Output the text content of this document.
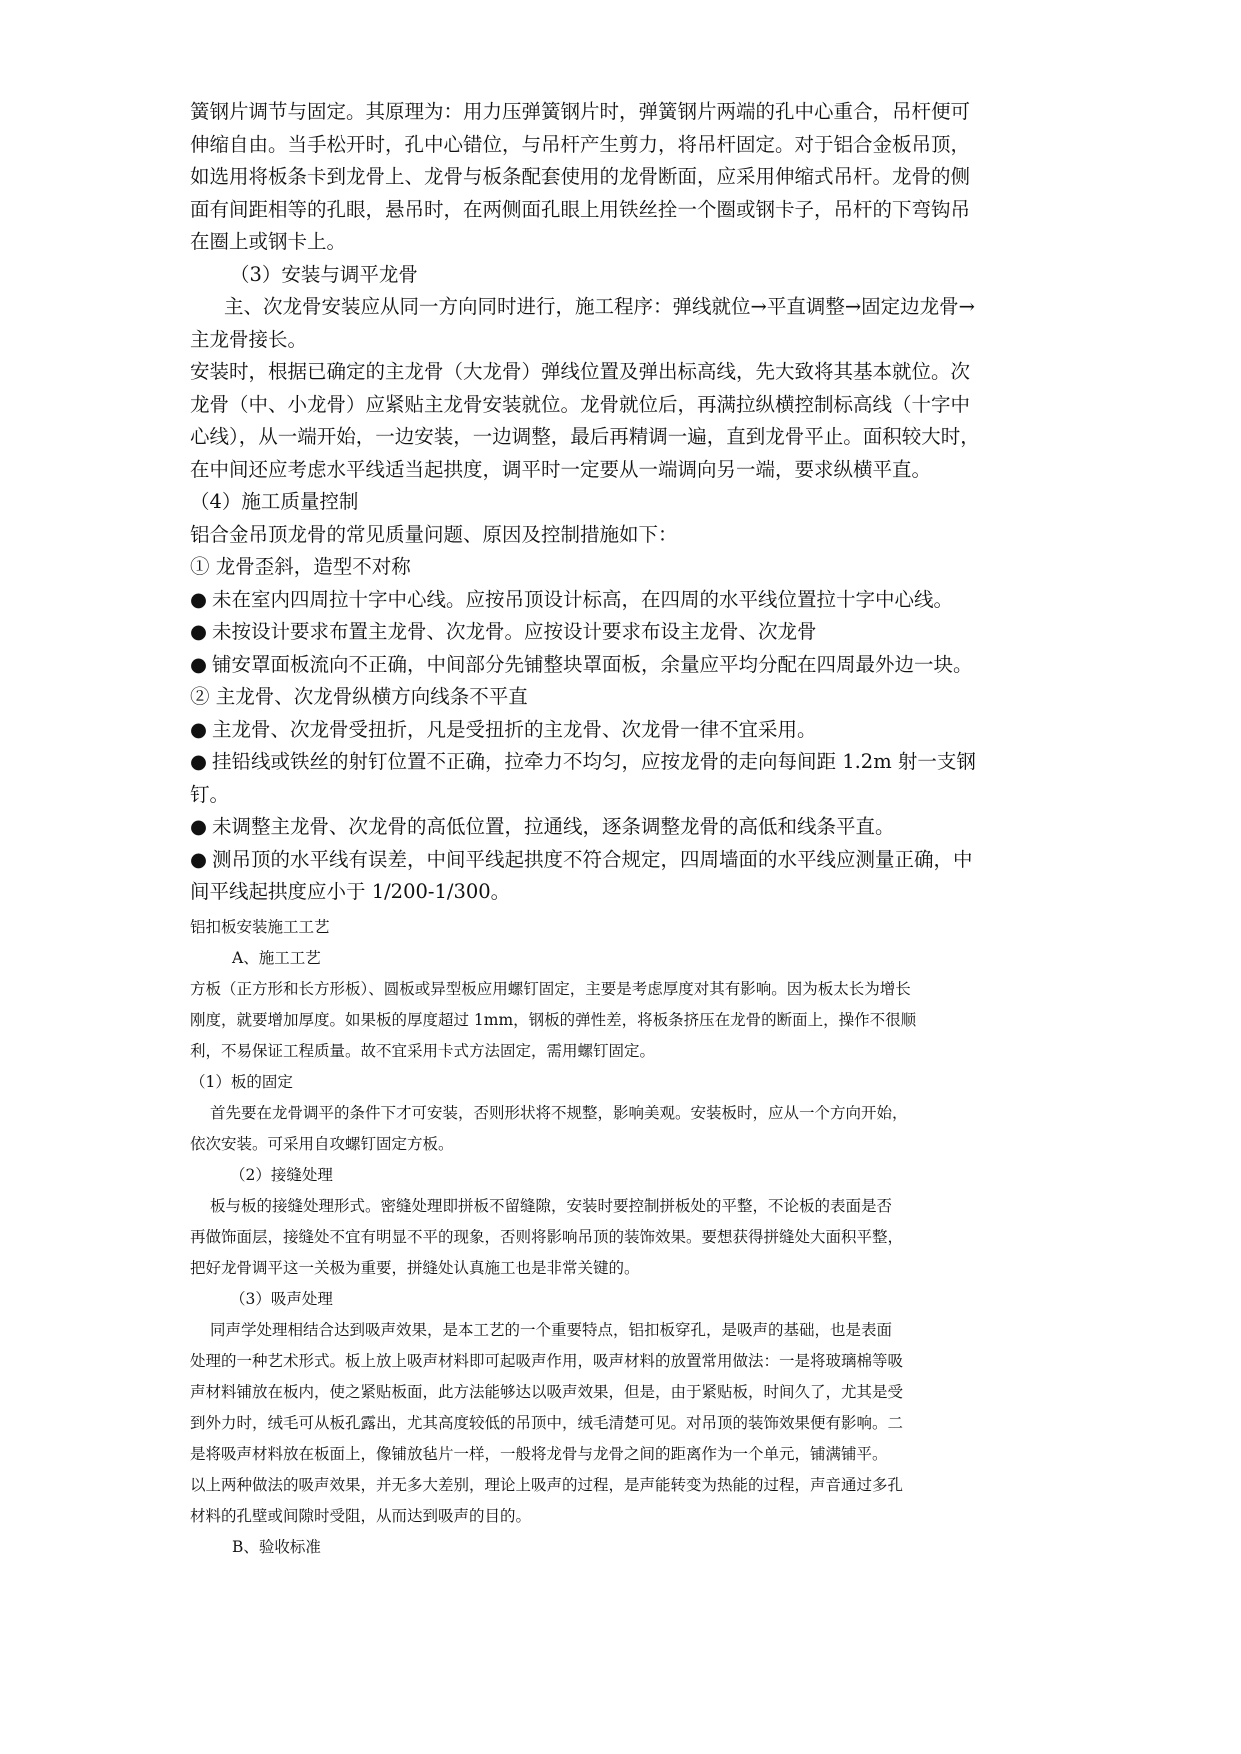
簧钢片调节与固定。其原理为：用力压弹簧钢片时，弹簧钢片两端的孔中心重合，吊杆便可
伸缩自由。当手松开时，孔中心错位，与吊杆产生剪力，将吊杆固定。对于铝合金板吊顶，
如选用将板条卡到龙骨上、龙骨与板条配套使用的龙骨断面，应采用伸缩式吊杆。龙骨的侧
面有间距相等的孔眼，悬吊时，在两侧面孔眼上用铁丝拴一个圈或钢卡子，吊杆的下弯钩吊
在圈上或钢卡上。
（3）安装与调平龙骨
主、次龙骨安装应从同一方向同时进行，施工程序：弹线就位→平直调整→固定边龙骨→
主龙骨接长。
安装时，根据已确定的主龙骨（大龙骨）弹线位置及弹出标高线，先大致将其基本就位。次
龙骨（中、小龙骨）应紧贴主龙骨安装就位。龙骨就位后，再满拉纵横控制标高线（十字中
心线），从一端开始，一边安装，一边调整，最后再精调一遍，直到龙骨平止。面积较大时，
在中间还应考虑水平线适当起拱度，调平时一定要从一端调向另一端，要求纵横平直。
（4）施工质量控制
铝合金吊顶龙骨的常见质量问题、原因及控制措施如下：
① 龙骨歪斜，造型不对称
● 未在室内四周拉十字中心线。应按吊顶设计标高，在四周的水平线位置拉十字中心线。
● 未按设计要求布置主龙骨、次龙骨。应按设计要求布设主龙骨、次龙骨
● 铺安罩面板流向不正确，中间部分先铺整块罩面板，余量应平均分配在四周最外边一块。
② 主龙骨、次龙骨纵横方向线条不平直
● 主龙骨、次龙骨受扭折，凡是受扭折的主龙骨、次龙骨一律不宜采用。
● 挂铅线或铁丝的射钉位置不正确，拉牵力不均匀，应按龙骨的走向每间距 1.2m 射一支钢
钉。
● 未调整主龙骨、次龙骨的高低位置，拉通线，逐条调整龙骨的高低和线条平直。
● 测吊顶的水平线有误差，中间平线起拱度不符合规定，四周墙面的水平线应测量正确，中
间平线起拱度应小于 1/200-1/300。
铝扣板安装施工工艺
A、施工工艺
方板（正方形和长方形板）、圆板或异型板应用螺钉固定，主要是考虑厚度对其有影响。因为板太长为增长
刚度，就要增加厚度。如果板的厚度超过 1mm，钢板的弹性差，将板条挤压在龙骨的断面上，操作不很顺
利，不易保证工程质量。故不宜采用卡式方法固定，需用螺钉固定。
（1）板的固定
首先要在龙骨调平的条件下才可安装，否则形状将不规整，影响美观。安装板时，应从一个方向开始，
依次安装。可采用自攻螺钉固定方板。
（2）接缝处理
板与板的接缝处理形式。密缝处理即拼板不留缝隙，安装时要控制拼板处的平整，不论板的表面是否
再做饰面层，接缝处不宜有明显不平的现象，否则将影响吊顶的装饰效果。要想获得拼缝处大面积平整，
把好龙骨调平这一关极为重要，拼缝处认真施工也是非常关键的。
（3）吸声处理
同声学处理相结合达到吸声效果，是本工艺的一个重要特点，铝扣板穿孔，是吸声的基础，也是表面
处理的一种艺术形式。板上放上吸声材料即可起吸声作用，吸声材料的放置常用做法：一是将玻璃棉等吸
声材料铺放在板内，使之紧贴板面，此方法能够达以吸声效果，但是，由于紧贴板，时间久了，尤其是受
到外力时，绒毛可从板孔露出，尤其高度较低的吊顶中，绒毛清楚可见。对吊顶的装饰效果便有影响。二
是将吸声材料放在板面上，像铺放毡片一样，一般将龙骨与龙骨之间的距离作为一个单元，铺满铺平。
以上两种做法的吸声效果，并无多大差别，理论上吸声的过程，是声能转变为热能的过程，声音通过多孔
材料的孔壁或间隙时受阻，从而达到吸声的目的。
B、验收标准
